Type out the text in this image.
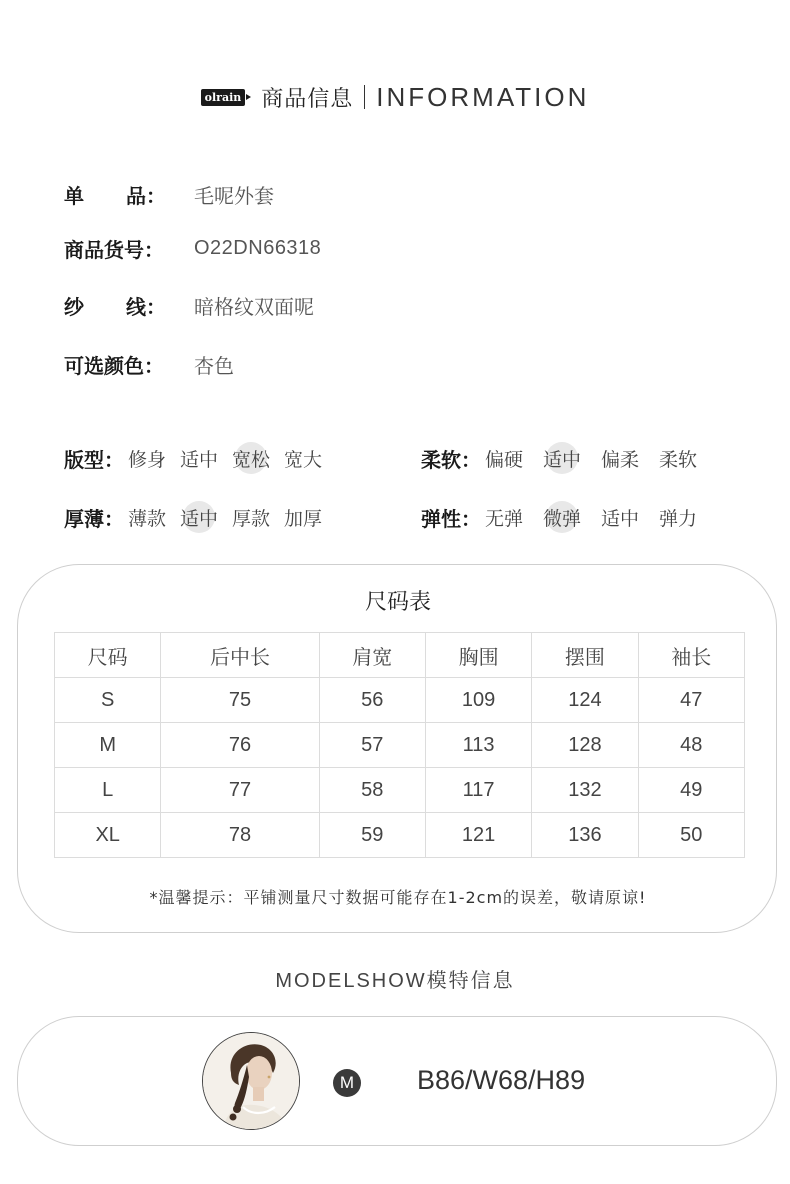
olrain 商品信息 INFORMATION
单 品： 毛呢外套
商品货号：	O22DN66318
纱 线： 暗格纹双面呢
可选颜色：	杏色
版型： 修身 适中 宽松 宽大	柔软： 偏硬 适中 偏柔 柔软
厚薄： 薄款 适中 厚款 加厚	弹性： 无弹 微弹 适中 弹力
尺码表
尺码	后中长	肩宽	胸围	摆围	袖长
S	75	56	109	124	47
M	76	57	113	128	48
L	77	58	117	132	49
XL	78	59	121	136	50
*温馨提示：平铺测量尺寸数据可能存在1-2cm的误差，敬请原谅!
MODELSHOW模特信息
M B86/W68/H89
